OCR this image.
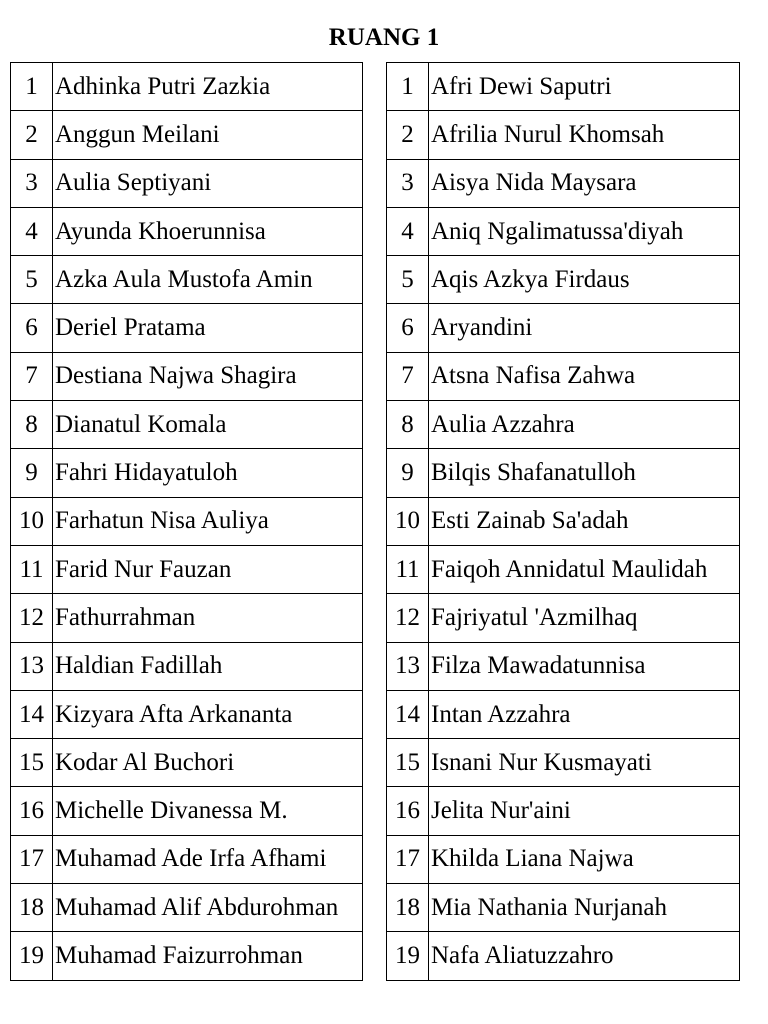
RUANG 1
1	Adhinka Putri Zazkia
2	Anggun Meilani
3	Aulia Septiyani
4	Ayunda Khoerunnisa
5	Azka Aula Mustofa Amin
6	Deriel Pratama
7	Destiana Najwa Shagira
8	Dianatul Komala
9	Fahri Hidayatuloh
10	Farhatun Nisa Auliya
11	Farid Nur Fauzan
12	Fathurrahman
13	Haldian Fadillah
14	Kizyara Afta Arkananta
15	Kodar Al Buchori
16	Michelle Divanessa M.
17	Muhamad Ade Irfa Afhami
18	Muhamad Alif Abdurohman
19	Muhamad Faizurrohman
1	Afri Dewi Saputri
2	Afrilia Nurul Khomsah
3	Aisya Nida Maysara
4	Aniq Ngalimatussa'diyah
5	Aqis Azkya Firdaus
6	Aryandini
7	Atsna Nafisa Zahwa
8	Aulia Azzahra
9	Bilqis Shafanatulloh
10	Esti Zainab Sa'adah
11	Faiqoh Annidatul Maulidah
12	Fajriyatul 'Azmilhaq
13	Filza Mawadatunnisa
14	Intan Azzahra
15	Isnani Nur Kusmayati
16	Jelita Nur'aini
17	Khilda Liana Najwa
18	Mia Nathania Nurjanah
19	Nafa Aliatuzzahro
